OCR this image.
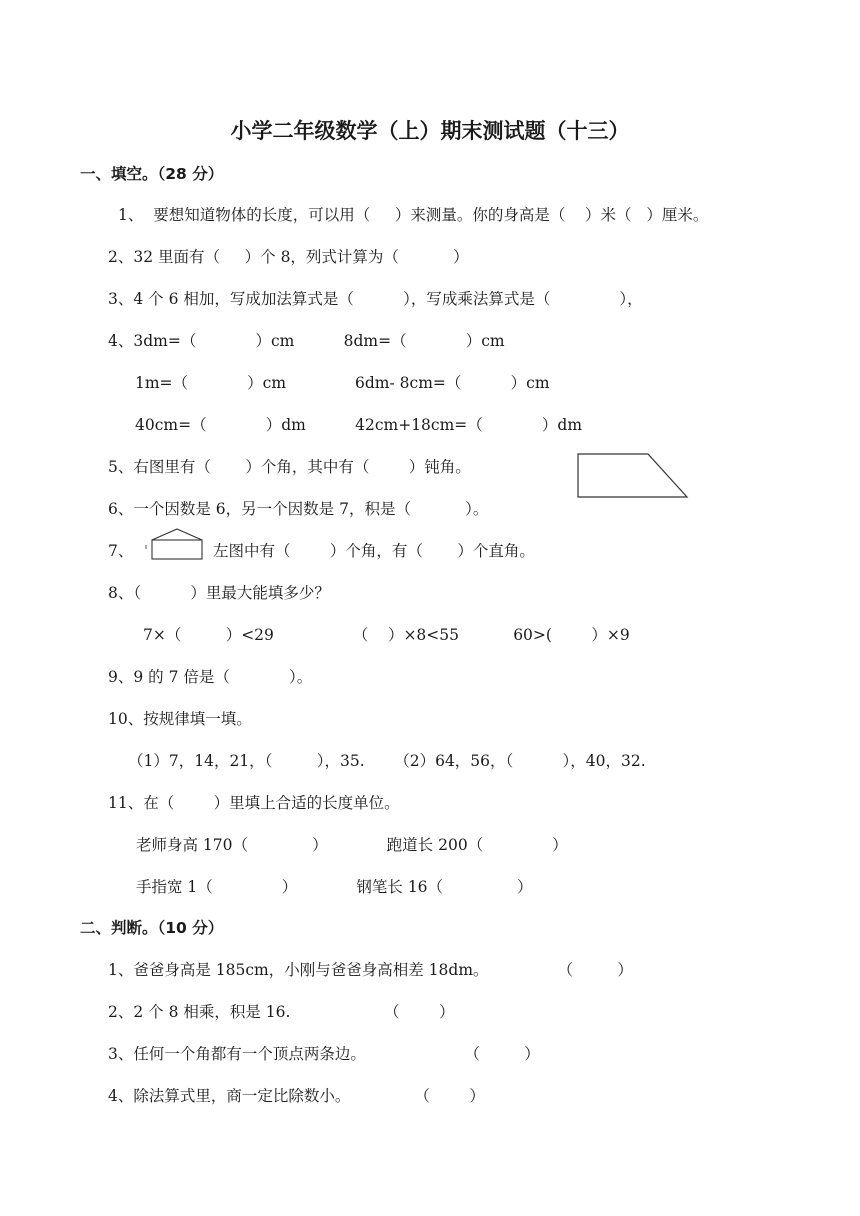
小学二年级数学（上）期末测试题（十三）
一、填空。（28 分）
1、  要想知道物体的长度，可以用（     ）来测量。你的身高是（    ）米（   ）厘米。
2、32 里面有（     ）个 8，列式计算为（           ）
3、4 个 6 相加，写成加法算式是（          ），写成乘法算式是（              ），
4、3dm=（            ）cm          8dm=（            ）cm
1m=（            ）cm              6dm- 8cm=（          ）cm
40cm=（            ）dm          42cm+18cm=（            ）dm
5、右图里有（       ）个角，其中有（        ）钝角。
6、一个因数是 6，另一个因数是 7，积是（           ）。
7、	左图中有（        ）个角，有（       ）个直角。
8、（          ）里最大能填多少？
7×（         ）<29                （    ）×8<55           60>(        ）×9
9、9 的 7 倍是（            ）。
10、按规律填一填。
（1）7，14，21，（         ），35.      （2）64，56，（          ），40，32.
11、在（        ）里填上合适的长度单位。
老师身高 170（             ）            跑道长 200（              ）
手指宽 1（              ）            钢笔长 16（               ）
二、判断。（10 分）
1、爸爸身高是 185cm，小刚与爸爸身高相差 18dm。              （         ）
2、2 个 8 相乘，积是 16.                   （        ）
3、任何一个角都有一个顶点两条边。                    （         ）
4、除法算式里，商一定比除数小。             （        ）
